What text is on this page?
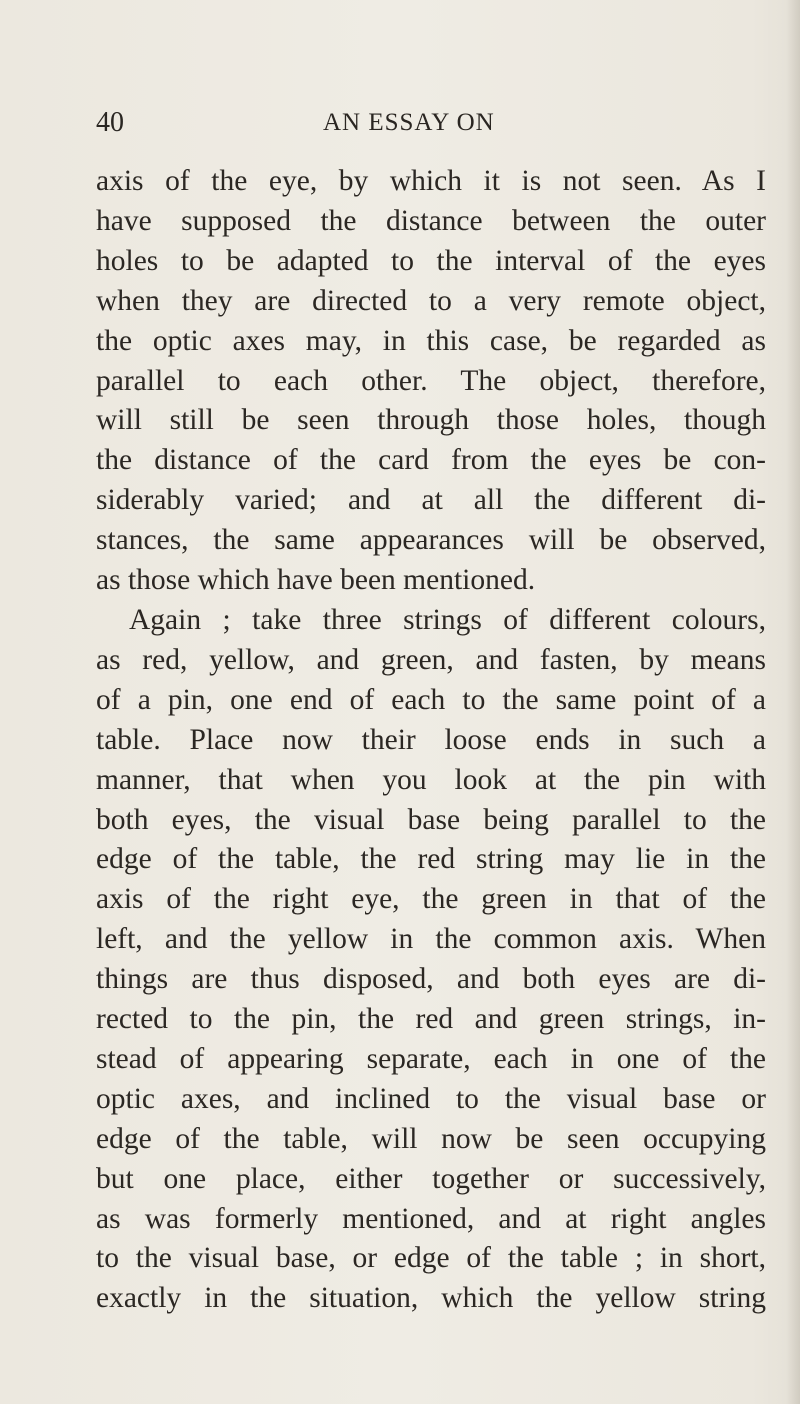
40	AN ESSAY ON
axis of the eye, by which it is not seen. As I
have supposed the distance between the outer
holes to be adapted to the interval of the eyes
when they are directed to a very remote object,
the optic axes may, in this case, be regarded as
parallel to each other. The object, therefore,
will still be seen through those holes, though
the distance of the card from the eyes be con-
siderably varied; and at all the different di-
stances, the same appearances will be observed,
as those which have been mentioned.
Again ; take three strings of different colours,
as red, yellow, and green, and fasten, by means
of a pin, one end of each to the same point of a
table. Place now their loose ends in such a
manner, that when you look at the pin with
both eyes, the visual base being parallel to the
edge of the table, the red string may lie in the
axis of the right eye, the green in that of the
left, and the yellow in the common axis. When
things are thus disposed, and both eyes are di-
rected to the pin, the red and green strings, in-
stead of appearing separate, each in one of the
optic axes, and inclined to the visual base or
edge of the table, will now be seen occupying
but one place, either together or successively,
as was formerly mentioned, and at right angles
to the visual base, or edge of the table ; in short,
exactly in the situation, which the yellow string
